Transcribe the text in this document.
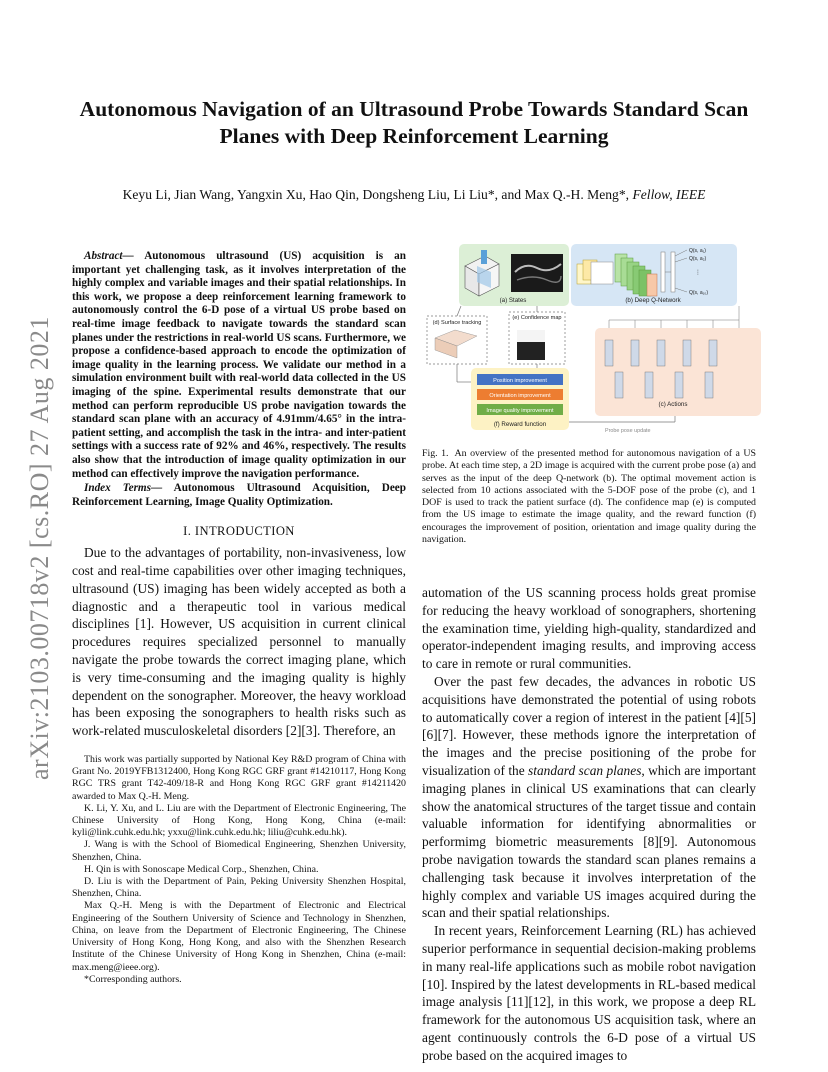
arXiv:2103.00718v2 [cs.RO] 27 Aug 2021
Autonomous Navigation of an Ultrasound Probe Towards Standard Scan Planes with Deep Reinforcement Learning
Keyu Li, Jian Wang, Yangxin Xu, Hao Qin, Dongsheng Liu, Li Liu*, and Max Q.-H. Meng*, Fellow, IEEE

Abstract— Autonomous ultrasound (US) acquisition is an important yet challenging task, as it involves interpretation of the highly complex and variable images and their spatial relationships. In this work, we propose a deep reinforcement learning framework to autonomously control the 6-D pose of a virtual US probe based on real-time image feedback to navigate towards the standard scan planes under the restrictions in real-world US scans. Furthermore, we propose a confidence-based approach to encode the optimization of image quality in the learning process. We validate our method in a simulation environment built with real-world data collected in the US imaging of the spine. Experimental results demonstrate that our method can perform reproducible US probe navigation towards the standard scan plane with an accuracy of 4.91mm/4.65° in the intra-patient setting, and accomplish the task in the intra- and inter-patient settings with a success rate of 92% and 46%, respectively. The results also show that the introduction of image quality optimization in our method can effectively improve the navigation performance.

Index Terms— Autonomous Ultrasound Acquisition, Deep Reinforcement Learning, Image Quality Optimization.

I. INTRODUCTION

Due to the advantages of portability, non-invasiveness, low cost and real-time capabilities over other imaging techniques, ultrasound (US) imaging has been widely accepted as both a diagnostic and a therapeutic tool in various medical disciplines [1]. However, US acquisition in current clinical procedures requires specialized personnel to manually navigate the probe towards the correct imaging plane, which is very time-consuming and the imaging quality is highly dependent on the sonographer. Moreover, the heavy workload has been exposing the sonographers to health risks such as work-related musculoskeletal disorders [2][3]. Therefore, an

This work was partially supported by National Key R&D program of China with Grant No. 2019YFB1312400, Hong Kong RGC GRF grant #14210117, Hong Kong RGC TRS grant T42-409/18-R and Hong Kong RGC GRF grant #14211420 awarded to Max Q.-H. Meng.

K. Li, Y. Xu, and L. Liu are with the Department of Electronic Engineering, The Chinese University of Hong Kong, Hong Kong, China (e-mail: kyli@link.cuhk.edu.hk; yxxu@link.cuhk.edu.hk; liliu@cuhk.edu.hk).

J. Wang is with the School of Biomedical Engineering, Shenzhen University, Shenzhen, China.

H. Qin is with Sonoscape Medical Corp., Shenzhen, China.

D. Liu is with the Department of Pain, Peking University Shenzhen Hospital, Shenzhen, China.

Max Q.-H. Meng is with the Department of Electronic and Electrical Engineering of the Southern University of Science and Technology in Shenzhen, China, on leave from the Department of Electronic Engineering, The Chinese University of Hong Kong, Hong Kong, and also with the Shenzhen Research Institute of the Chinese University of Hong Kong in Shenzhen, China (e-mail: max.meng@ieee.org).

*Corresponding authors.

(a) States
Q(s, a₁)
Q(s, a₂)
⋮
Q(s, a₁₀)
(b) Deep Q-Network
(d) Surface tracking
(e) Confidence map
(c) Actions
Position improvement
Orientation improvement
Image quality improvement
(f) Reward function
Probe pose update

Fig. 1. An overview of the presented method for autonomous navigation of a US probe. At each time step, a 2D image is acquired with the current probe pose (a) and serves as the input of the deep Q-network (b). The optimal movement action is selected from 10 actions associated with the 5-DOF pose of the probe (c), and 1 DOF is used to track the patient surface (d). The confidence map (e) is computed from the US image to estimate the image quality, and the reward function (f) encourages the improvement of position, orientation and image quality during the navigation.

automation of the US scanning process holds great promise for reducing the heavy workload of sonographers, shortening the examination time, yielding high-quality, standardized and operator-independent imaging results, and improving access to care in remote or rural communities.

Over the past few decades, the advances in robotic US acquisitions have demonstrated the potential of using robots to automatically cover a region of interest in the patient [4][5][6][7]. However, these methods ignore the interpretation of the images and the precise positioning of the probe for visualization of the standard scan planes, which are important imaging planes in clinical US examinations that can clearly show the anatomical structures of the target tissue and contain valuable information for identifying abnormalities or performimg biometric measurements [8][9]. Autonomous probe navigation towards the standard scan planes remains a challenging task because it involves interpretation of the highly complex and variable US images acquired during the scan and their spatial relationships.

In recent years, Reinforcement Learning (RL) has achieved superior performance in sequential decision-making problems in many real-life applications such as mobile robot navigation [10]. Inspired by the latest developments in RL-based medical image analysis [11][12], in this work, we propose a deep RL framework for the autonomous US acquisition task, where an agent continuously controls the 6-D pose of a virtual US probe based on the acquired images to
